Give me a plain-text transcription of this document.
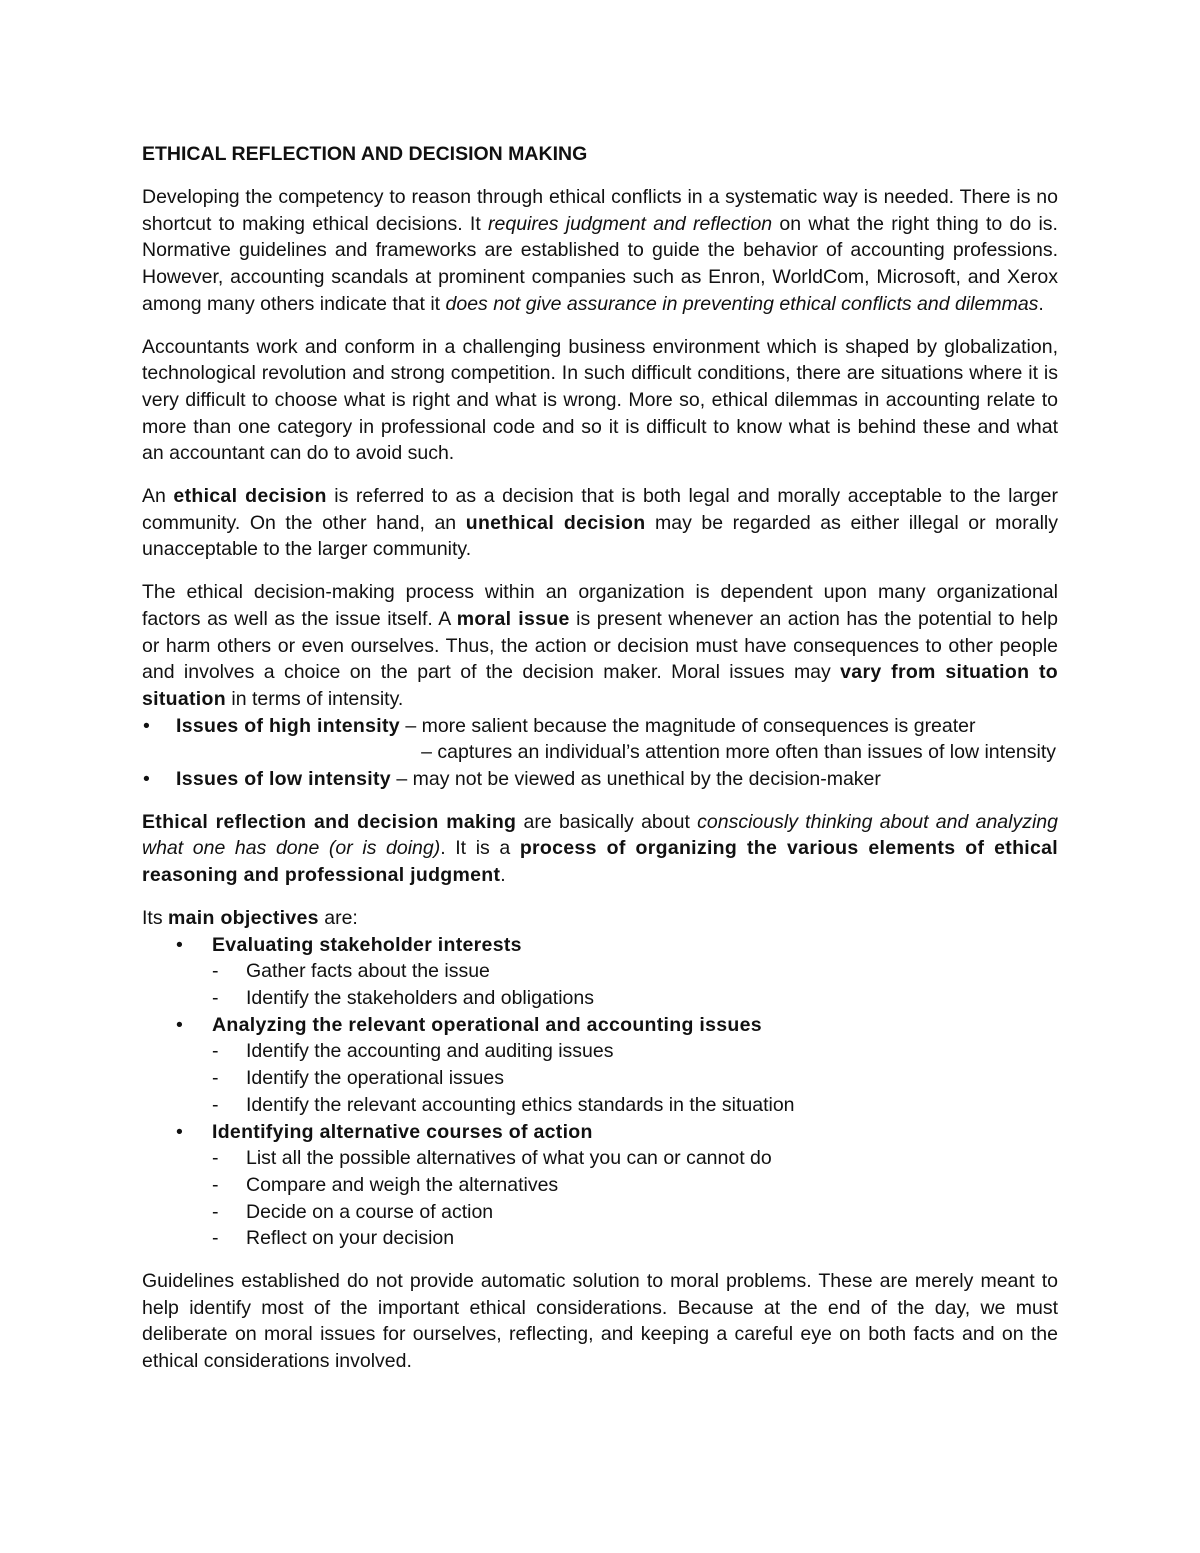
ETHICAL REFLECTION AND DECISION MAKING

Developing the competency to reason through ethical conflicts in a systematic way is needed. There is no shortcut to making ethical decisions. It requires judgment and reflection on what the right thing to do is. Normative guidelines and frameworks are established to guide the behavior of accounting professions. However, accounting scandals at prominent companies such as Enron, WorldCom, Microsoft, and Xerox among many others indicate that it does not give assurance in preventing ethical conflicts and dilemmas.

Accountants work and conform in a challenging business environment which is shaped by globalization, technological revolution and strong competition. In such difficult conditions, there are situations where it is very difficult to choose what is right and what is wrong. More so, ethical dilemmas in accounting relate to more than one category in professional code and so it is difficult to know what is behind these and what an accountant can do to avoid such.

An ethical decision is referred to as a decision that is both legal and morally acceptable to the larger community. On the other hand, an unethical decision may be regarded as either illegal or morally unacceptable to the larger community.

The ethical decision-making process within an organization is dependent upon many organizational factors as well as the issue itself. A moral issue is present whenever an action has the potential to help or harm others or even ourselves. Thus, the action or decision must have consequences to other people and involves a choice on the part of the decision maker. Moral issues may vary from situation to situation in terms of intensity.

• Issues of high intensity – more salient because the magnitude of consequences is greater
– captures an individual’s attention more often than issues of low intensity
• Issues of low intensity – may not be viewed as unethical by the decision-maker

Ethical reflection and decision making are basically about consciously thinking about and analyzing what one has done (or is doing). It is a process of organizing the various elements of ethical reasoning and professional judgment.

Its main objectives are:

• Evaluating stakeholder interests
- Gather facts about the issue
- Identify the stakeholders and obligations
• Analyzing the relevant operational and accounting issues
- Identify the accounting and auditing issues
- Identify the operational issues
- Identify the relevant accounting ethics standards in the situation
• Identifying alternative courses of action
- List all the possible alternatives of what you can or cannot do
- Compare and weigh the alternatives
- Decide on a course of action
- Reflect on your decision

Guidelines established do not provide automatic solution to moral problems. These are merely meant to help identify most of the important ethical considerations. Because at the end of the day, we must deliberate on moral issues for ourselves, reflecting, and keeping a careful eye on both facts and on the ethical considerations involved.
